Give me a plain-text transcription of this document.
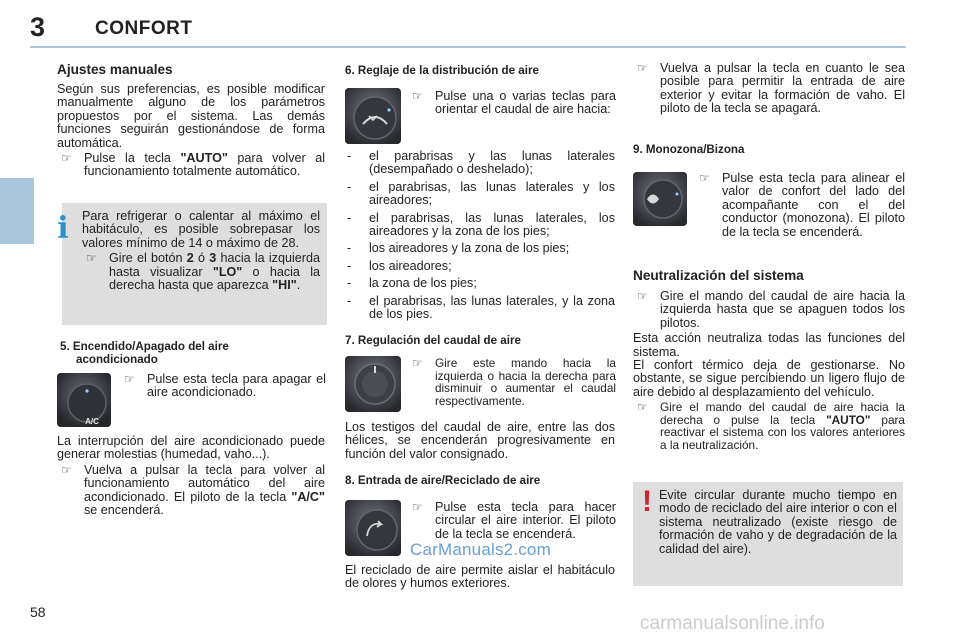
3	CONFORT
Ajustes manuales

Según sus preferencias, es posible modificar manualmente alguno de los parámetros propuestos por el sistema. Las demás funciones seguirán gestionándose de forma automática.

☞ Pulse la tecla "AUTO" para volver al funcionamiento totalmente automático.
i	Para refrigerar o calentar al máximo el habitáculo, es posible sobrepasar los valores mínimo de 14 o máximo de 28.

☞ Gire el botón 2 ó 3 hacia la izquierda hasta visualizar "LO" o hacia la derecha hasta que aparezca "HI".
5. Encendido/Apagado del aire acondicionado
A/C
☞ Pulse esta tecla para apagar el aire acondicionado.

La interrupción del aire acondicionado puede generar molestias (humedad, vaho...).

☞ Vuelva a pulsar la tecla para volver al funcionamiento automático del aire acondicionado. El piloto de la tecla "A/C" se encenderá.
6. Reglaje de la distribución de aire
☞ Pulse una o varias teclas para orientar el caudal de aire hacia:
- el parabrisas y las lunas laterales (desempañado o deshelado);
- el parabrisas, las lunas laterales y los aireadores;
- el parabrisas, las lunas laterales, los aireadores y la zona de los pies;
- los aireadores y la zona de los pies;
- los aireadores;
- la zona de los pies;
- el parabrisas, las lunas laterales, y la zona de los pies.
7. Regulación del caudal de aire
☞ Gire este mando hacia la izquierda o hacia la derecha para disminuir o aumentar el caudal respectivamente.

Los testigos del caudal de aire, entre las dos hélices, se encenderán progresivamente en función del valor consignado.

8. Entrada de aire/Reciclado de aire
☞ Pulse esta tecla para hacer circular el aire interior. El piloto de la tecla se encenderá.

El reciclado de aire permite aislar el habitáculo de olores y humos exteriores.

CarManuals2.com
☞ Vuelva a pulsar la tecla en cuanto le sea posible para permitir la entrada de aire exterior y evitar la formación de vaho. El piloto de la tecla se apagará.
9. Monozona/Bizona
☞ Pulse esta tecla para alinear el valor de confort del lado del acompañante con el del conductor (monozona). El piloto de la tecla se encenderá.
Neutralización del sistema
☞ Gire el mando del caudal de aire hacia la izquierda hasta que se apaguen todos los pilotos.

Esta acción neutraliza todas las funciones del sistema.
El confort térmico deja de gestionarse. No obstante, se sigue percibiendo un ligero flujo de aire debido al desplazamiento del vehículo.

☞ Gire el mando del caudal de aire hacia la derecha o pulse la tecla "AUTO" para reactivar el sistema con los valores anteriores a la neutralización.
! Evite circular durante mucho tiempo en modo de reciclado del aire interior o con el sistema neutralizado (existe riesgo de formación de vaho y de degradación de la calidad del aire).

58
carmanualsonline.info
